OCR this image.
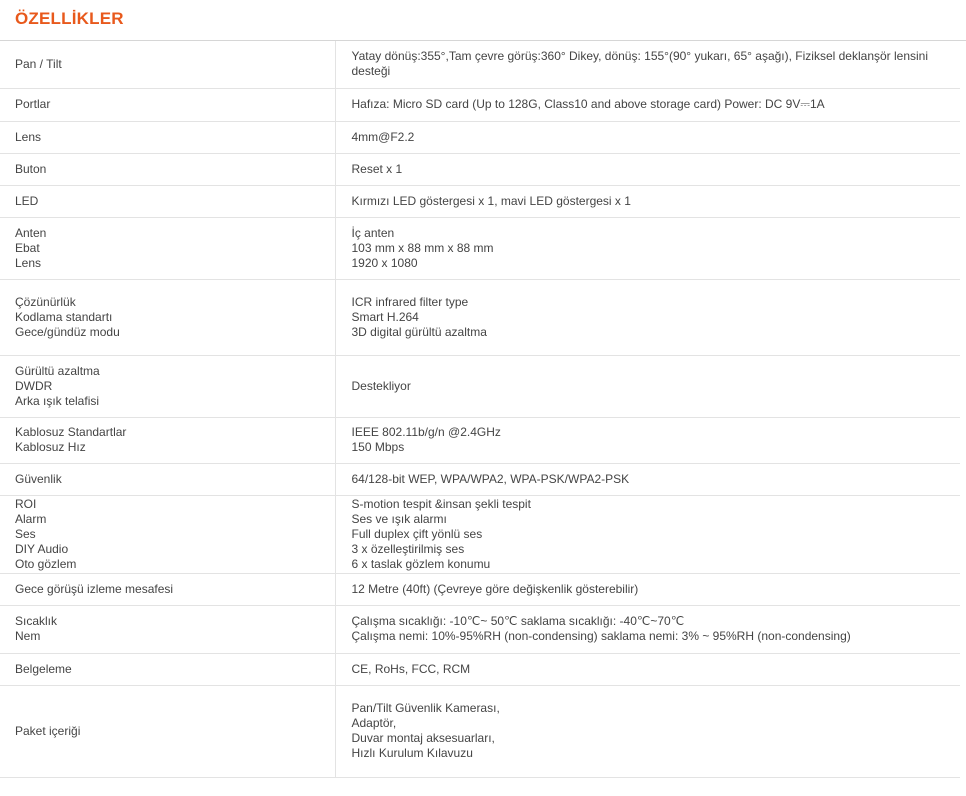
ÖZELLİKLER
Pan / Tilt	Yatay dönüş:355°,Tam çevre görüş:360° Dikey, dönüş: 155°(90° yukarı, 65° aşağı), Fiziksel deklanşör lensini desteği

Portlar	Hafıza: Micro SD card (Up to 128G, Class10 and above storage card) Power: DC 9V⎓1A

Lens	4mm@F2.2

Buton	Reset x 1

LED	Kırmızı LED göstergesi x 1, mavi LED göstergesi x 1

Anten
Ebat
Lens	İç anten
103 mm x 88 mm x 88 mm
1920 x 1080

Çözünürlük
Kodlama standartı
Gece/gündüz modu	ICR infrared filter type
Smart H.264
3D digital gürültü azaltma

Gürültü azaltma
DWDR
Arka ışık telafisi	Destekliyor

Kablosuz Standartlar
Kablosuz Hız	IEEE 802.11b/g/n @2.4GHz
150 Mbps

Güvenlik	64/128-bit WEP, WPA/WPA2, WPA-PSK/WPA2-PSK

ROI
Alarm
Ses
DIY Audio
Oto gözlem	S-motion tespit &insan şekli tespit
Ses ve ışık alarmı
Full duplex çift yönlü ses
3 x özelleştirilmiş ses
6 x taslak gözlem konumu

Gece görüşü izleme mesafesi	12 Metre (40ft) (Çevreye göre değişkenlik gösterebilir)

Sıcaklık
Nem	Çalışma sıcaklığı: -10℃~ 50℃ saklama sıcaklığı: -40℃~70℃
Çalışma nemi: 10%-95%RH (non-condensing) saklama nemi: 3% ~ 95%RH (non-condensing)

Belgeleme	CE, RoHs, FCC, RCM

Paket içeriği	Pan/Tilt Güvenlik Kamerası,
Adaptör,
Duvar montaj aksesuarları,
Hızlı Kurulum Kılavuzu
